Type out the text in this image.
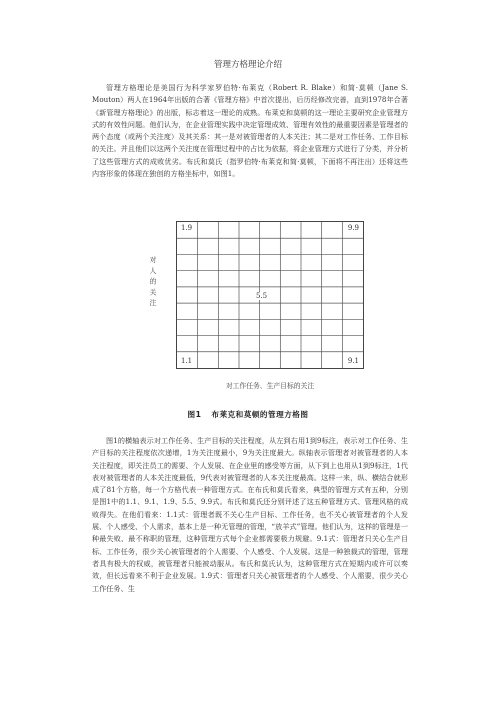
管理方格理论介绍

管理方格理论是美国行为科学家罗伯特·布莱克（Robert R. Blake）和简·莫顿（Jane S. Mouton）两人在1964年出版的合著《管理方格》中首次提出，后历经修改完善，直到1978年合著《新管理方格理论》的出版，标志着这一理论的成熟。布莱克和莫顿的这一理论主要研究企业管理方式的有效性问题。他们认为，在企业管理实践中决定管理成效、管理有效性的最重要因素是管理者的两个态度（或两个关注度）及其关系：其一是对被管理者的人本关注；其二是对工作任务、工作目标的关注。并且他们以这两个关注度在管理过程中的占比为依据，将企业管理方式进行了分类，并分析了这些管理方式的成败优劣。布氏和莫氏（指罗伯特·布莱克和简·莫顿，下面将不再注出）还将这些内容形象的体现在独创的方格坐标中，如图1。

对人的关注
1.9	9.9
5.5
1.1	9.1
对工作任务、生产目标的关注
图1 布莱克和莫顿的管理方格图

图1的横轴表示对工作任务、生产目标的关注程度，从左到右用1到9标注，表示对工作任务、生产目标的关注程度依次递增，1为关注度最小，9为关注度最大。纵轴表示管理者对被管理者的人本关注程度，即关注员工的需要、个人发展、在企业里的感受等方面，从下到上也用从1到9标注，1代表对被管理者的人本关注度最低，9代表对被管理者的人本关注度最高。这样一来，纵、横结合就形成了81个方格，每一个方格代表一种管理方式。在布氏和莫氏看来，典型的管理方式有五种，分别是图1中的1.1、9.1、1.9、5.5、9.9式。布氏和莫氏还分别评述了这五种管理方式、管理风格的成败得失。在他们看来：1.1式：管理者既不关心生产目标、工作任务，也不关心被管理者的个人发展、个人感受、个人需求，基本上是一种无管理的管理，“放羊式”管理。他们认为，这样的管理是一种最失败、最不称职的管理，这种管理方式每个企业都需要极力规避。9.1式：管理者只关心生产目标、工作任务，很少关心被管理者的个人需要、个人感受、个人发展。这是一种独裁式的管理，管理者具有极大的权威，被管理者只能被动服从。布氏和莫氏认为，这种管理方式在短期内或许可以奏效，但长远看来不利于企业发展。1.9式：管理者只关心被管理者的个人感受、个人需要，很少关心工作任务、生
